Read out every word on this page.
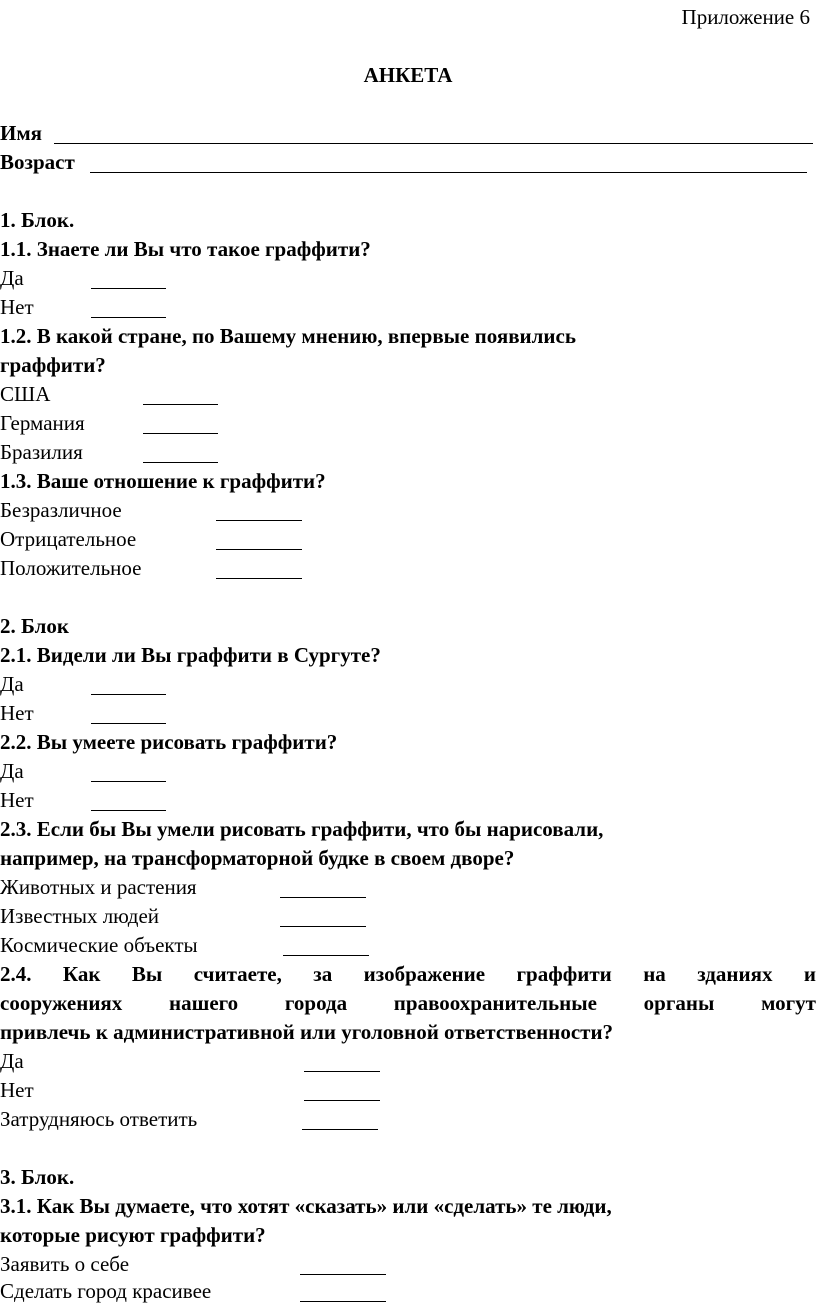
Приложение 6
АНКЕТА
Имя
Возраст
1. Блок.
1.1. Знаете ли Вы что такое граффити?
Да
Нет
1.2. В какой стране, по Вашему мнению, впервые появились
граффити?
США
Германия
Бразилия
1.3. Ваше отношение к граффити?
Безразличное
Отрицательное
Положительное
2. Блок
2.1. Видели ли Вы граффити в Сургуте?
Да
Нет
2.2. Вы умеете рисовать граффити?
Да
Нет
2.3. Если бы Вы умели рисовать граффити, что бы нарисовали,
например, на трансформаторной будке в своем дворе?
Животных и растения
Известных людей
Космические объекты
2.4. Как Вы считаете, за изображение граффити на зданиях и
сооружениях нашего города правоохранительные органы могут
привлечь к административной или уголовной ответственности?
Да
Нет
Затрудняюсь ответить
3. Блок.
3.1. Как Вы думаете, что хотят «сказать» или «сделать» те люди,
которые рисуют граффити?
Заявить о себе
Сделать город красивее
